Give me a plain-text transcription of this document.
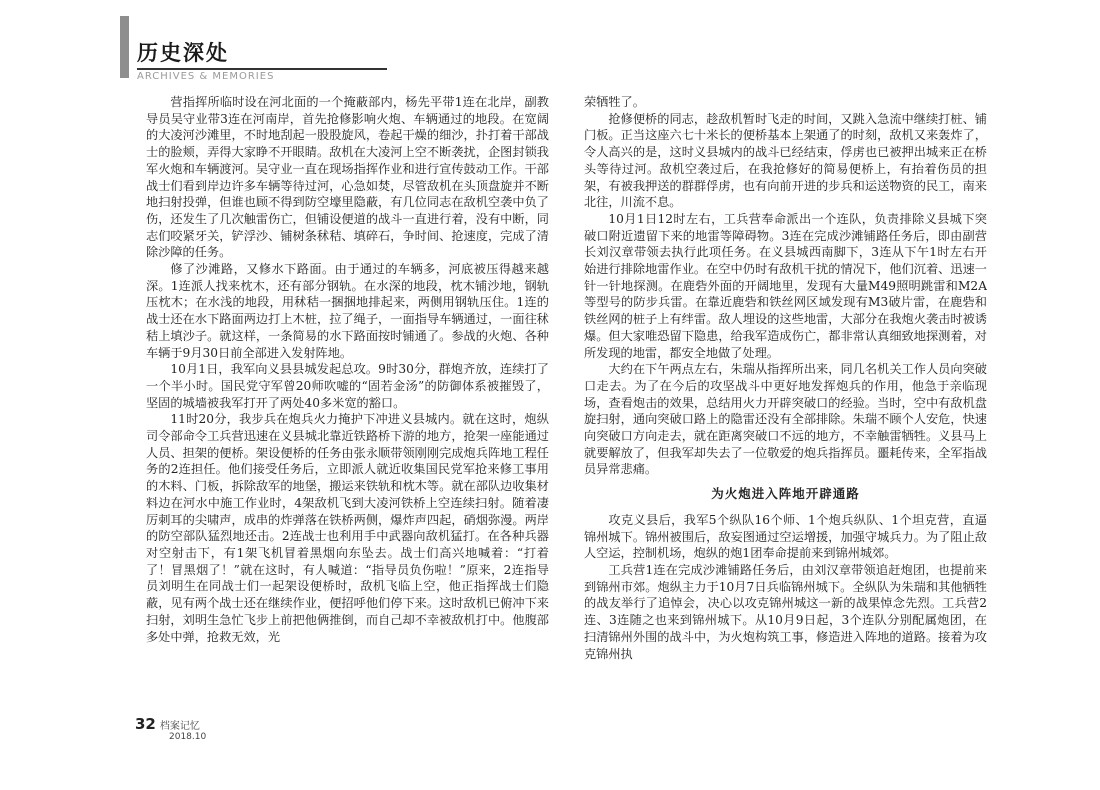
历史深处
ARCHIVES & MEMORIES

营指挥所临时设在河北面的一个掩蔽部内，杨先平带1连在北岸，副教导员吴守业带3连在河南岸，首先抢修影响火炮、车辆通过的地段。在宽阔的大凌河沙滩里，不时地刮起一股股旋风，卷起干燥的细沙，扑打着干部战士的脸颊，弄得大家睁不开眼睛。敌机在大凌河上空不断袭扰，企图封锁我军火炮和车辆渡河。吴守业一直在现场指挥作业和进行宣传鼓动工作。干部战士们看到岸边许多车辆等待过河，心急如焚，尽管敌机在头顶盘旋并不断地扫射投弹，但谁也顾不得到防空壕里隐蔽，有几位同志在敌机空袭中负了伤，还发生了几次触雷伤亡，但铺设便道的战斗一直进行着，没有中断，同志们咬紧牙关，铲浮沙、铺树条秫秸、填碎石，争时间、抢速度，完成了清除沙障的任务。

修了沙滩路，又修水下路面。由于通过的车辆多，河底被压得越来越深。1连派人找来枕木，还有部分钢轨。在水深的地段，枕木铺沙地，钢轨压枕木；在水浅的地段，用秫秸一捆捆地排起来，两侧用钢轨压住。1连的战士还在水下路面两边打上木桩，拉了绳子，一面指导车辆通过，一面往秫秸上填沙子。就这样，一条简易的水下路面按时铺通了。参战的火炮、各种车辆于9月30日前全部进入发射阵地。

10月1日，我军向义县县城发起总攻。9时30分，群炮齐放，连续打了一个半小时。国民党守军曾20师吹嘘的“固若金汤”的防御体系被摧毁了，坚固的城墙被我军打开了两处40多米宽的豁口。

11时20分，我步兵在炮兵火力掩护下冲进义县城内。就在这时，炮纵司令部命令工兵营迅速在义县城北靠近铁路桥下游的地方，抢架一座能通过人员、担架的便桥。架设便桥的任务由张永顺带领刚刚完成炮兵阵地工程任务的2连担任。他们接受任务后，立即派人就近收集国民党军抢来修工事用的木料、门板，拆除敌军的地堡，搬运来铁轨和枕木等。就在部队边收集材料边在河水中施工作业时，4架敌机飞到大凌河铁桥上空连续扫射。随着凄厉刺耳的尖啸声，成串的炸弹落在铁桥两侧，爆炸声四起，硝烟弥漫。两岸的防空部队猛烈地还击。2连战士也利用手中武器向敌机猛打。在各种兵器对空射击下，有1架飞机冒着黑烟向东坠去。战士们高兴地喊着：“打着了！冒黑烟了！”就在这时，有人喊道：“指导员负伤啦！”原来，2连指导员刘明生在同战士们一起架设便桥时，敌机飞临上空，他正指挥战士们隐蔽，见有两个战士还在继续作业，便招呼他们停下来。这时敌机已俯冲下来扫射，刘明生急忙飞步上前把他俩推倒，而自己却不幸被敌机打中。他腹部多处中弹，抢救无效，光

荣牺牲了。

抢修便桥的同志，趁敌机暂时飞走的时间，又跳入急流中继续打桩、铺门板。正当这座六七十米长的便桥基本上架通了的时刻，敌机又来轰炸了，令人高兴的是，这时义县城内的战斗已经结束，俘虏也已被押出城来正在桥头等待过河。敌机空袭过后，在我抢修好的简易便桥上，有抬着伤员的担架，有被我押送的群群俘虏，也有向前开进的步兵和运送物资的民工，南来北往，川流不息。

10月1日12时左右，工兵营奉命派出一个连队，负责排除义县城下突破口附近遗留下来的地雷等障碍物。3连在完成沙滩铺路任务后，即由副营长刘汉章带领去执行此项任务。在义县城西南脚下，3连从下午1时左右开始进行排除地雷作业。在空中仍时有敌机干扰的情况下，他们沉着、迅速一针一针地探测。在鹿砦外面的开阔地里，发现有大量M49照明跳雷和M2A等型号的防步兵雷。在靠近鹿砦和铁丝网区域发现有M3破片雷，在鹿砦和铁丝网的桩子上有绊雷。敌人埋设的这些地雷，大部分在我炮火袭击时被诱爆。但大家唯恐留下隐患，给我军造成伤亡，都非常认真细致地探测着，对所发现的地雷，都安全地做了处理。

大约在下午两点左右，朱瑞从指挥所出来，同几名机关工作人员向突破口走去。为了在今后的攻坚战斗中更好地发挥炮兵的作用，他急于亲临现场，查看炮击的效果，总结用火力开辟突破口的经验。当时，空中有敌机盘旋扫射，通向突破口路上的隐雷还没有全部排除。朱瑞不顾个人安危，快速向突破口方向走去，就在距离突破口不远的地方，不幸触雷牺牲。义县马上就要解放了，但我军却失去了一位敬爱的炮兵指挥员。噩耗传来，全军指战员异常悲痛。

为火炮进入阵地开辟通路

攻克义县后，我军5个纵队16个师、1个炮兵纵队、1个坦克营，直逼锦州城下。锦州被围后，敌妄图通过空运增援，加强守城兵力。为了阻止敌人空运，控制机场，炮纵的炮1团奉命提前来到锦州城郊。

工兵营1连在完成沙滩铺路任务后，由刘汉章带领追赶炮团，也提前来到锦州市郊。炮纵主力于10月7日兵临锦州城下。全纵队为朱瑞和其他牺牲的战友举行了追悼会，决心以攻克锦州城这一新的战果悼念先烈。工兵营2连、3连随之也来到锦州城下。从10月9日起，3个连队分别配属炮团，在扫清锦州外围的战斗中，为火炮构筑工事，修造进入阵地的道路。接着为攻克锦州执

32 档案记忆
2018.10
